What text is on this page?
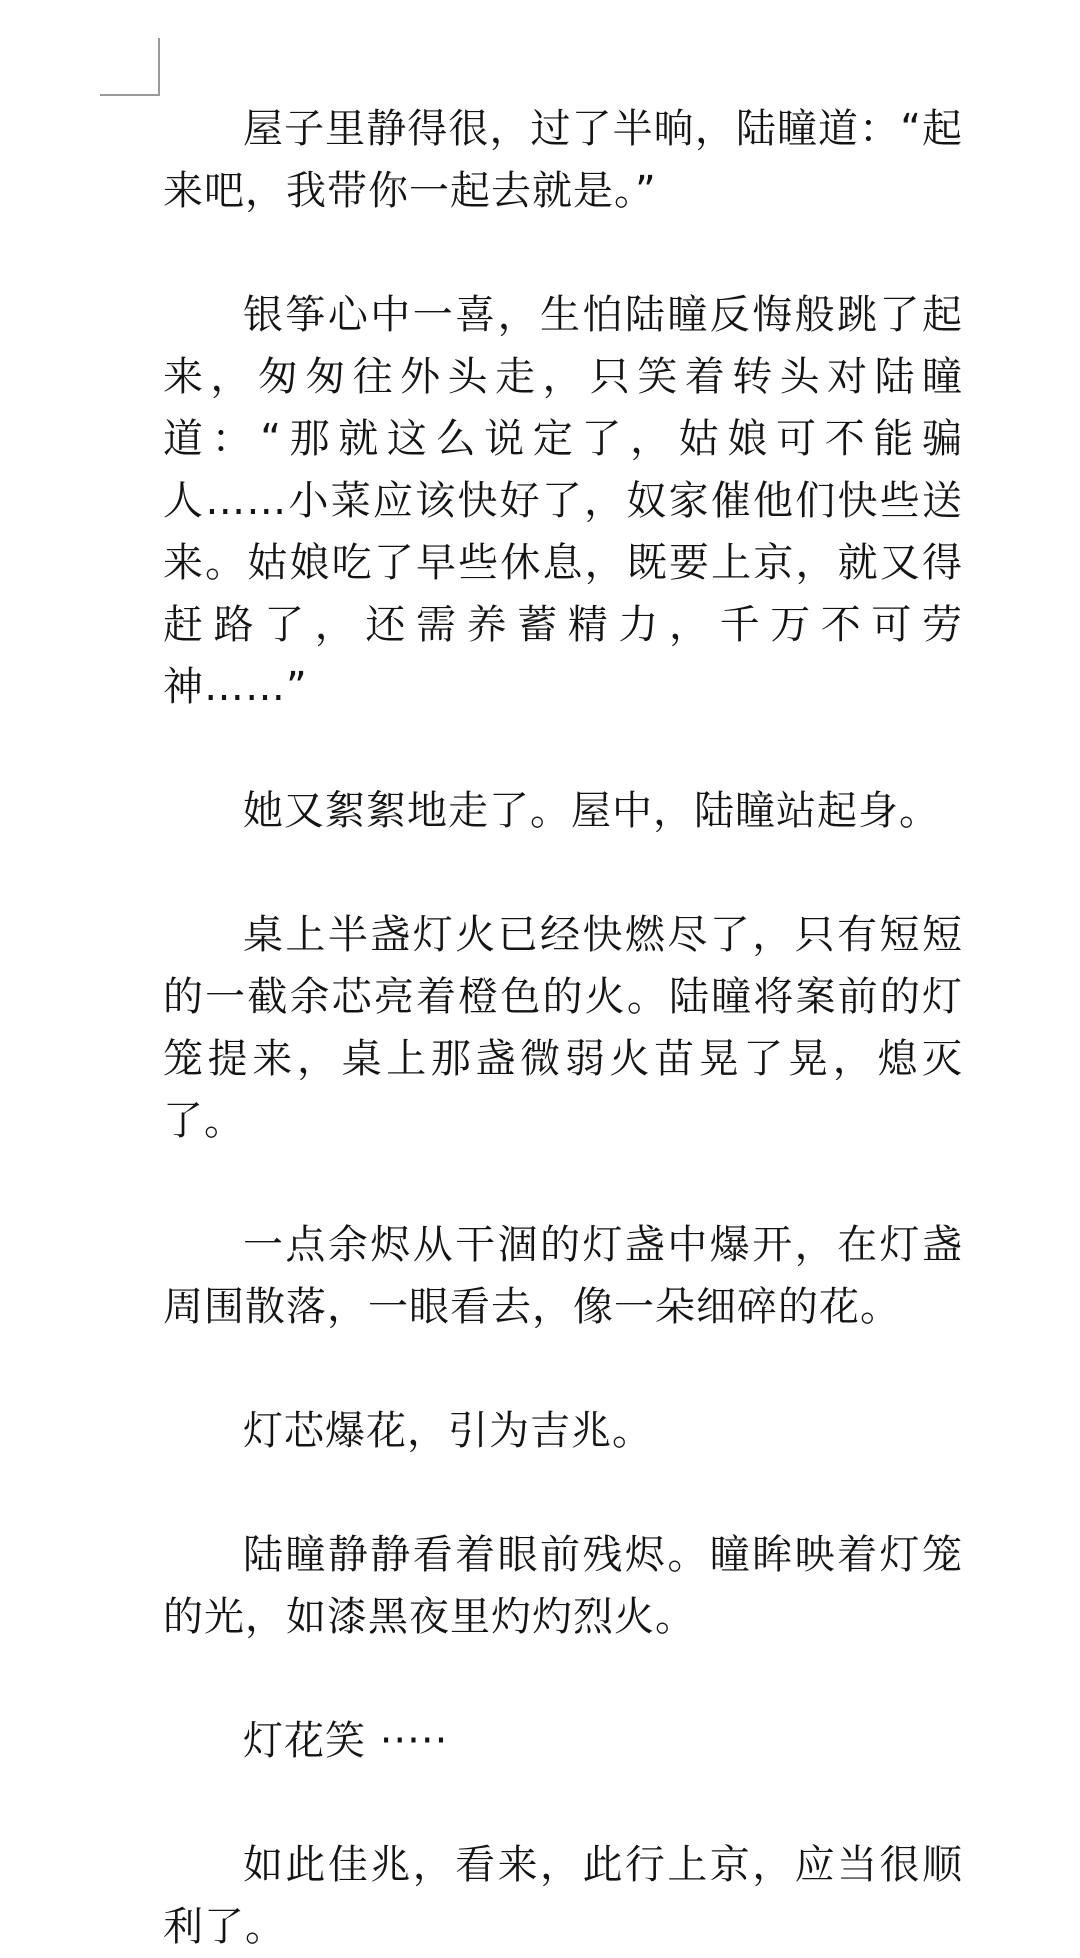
屋子里静得很，过了半晌，陆瞳道：“起来吧，我带你一起去就是。”

银筝心中一喜，生怕陆瞳反悔般跳了起来，匆匆往外头走，只笑着转头对陆瞳道：“那就这么说定了，姑娘可不能骗人……小菜应该快好了，奴家催他们快些送来。姑娘吃了早些休息，既要上京，就又得赶路了，还需养蓄精力，千万不可劳神……”

她又絮絮地走了。屋中，陆瞳站起身。

桌上半盏灯火已经快燃尽了，只有短短的一截余芯亮着橙色的火。陆瞳将案前的灯笼提来，桌上那盏微弱火苗晃了晃，熄灭了。

一点余烬从干涸的灯盏中爆开，在灯盏周围散落，一眼看去，像一朵细碎的花。

灯芯爆花，引为吉兆。

陆瞳静静看着眼前残烬。瞳眸映着灯笼的光，如漆黑夜里灼灼烈火。

灯花笑 ·····

如此佳兆，看来，此行上京，应当很顺利了。
